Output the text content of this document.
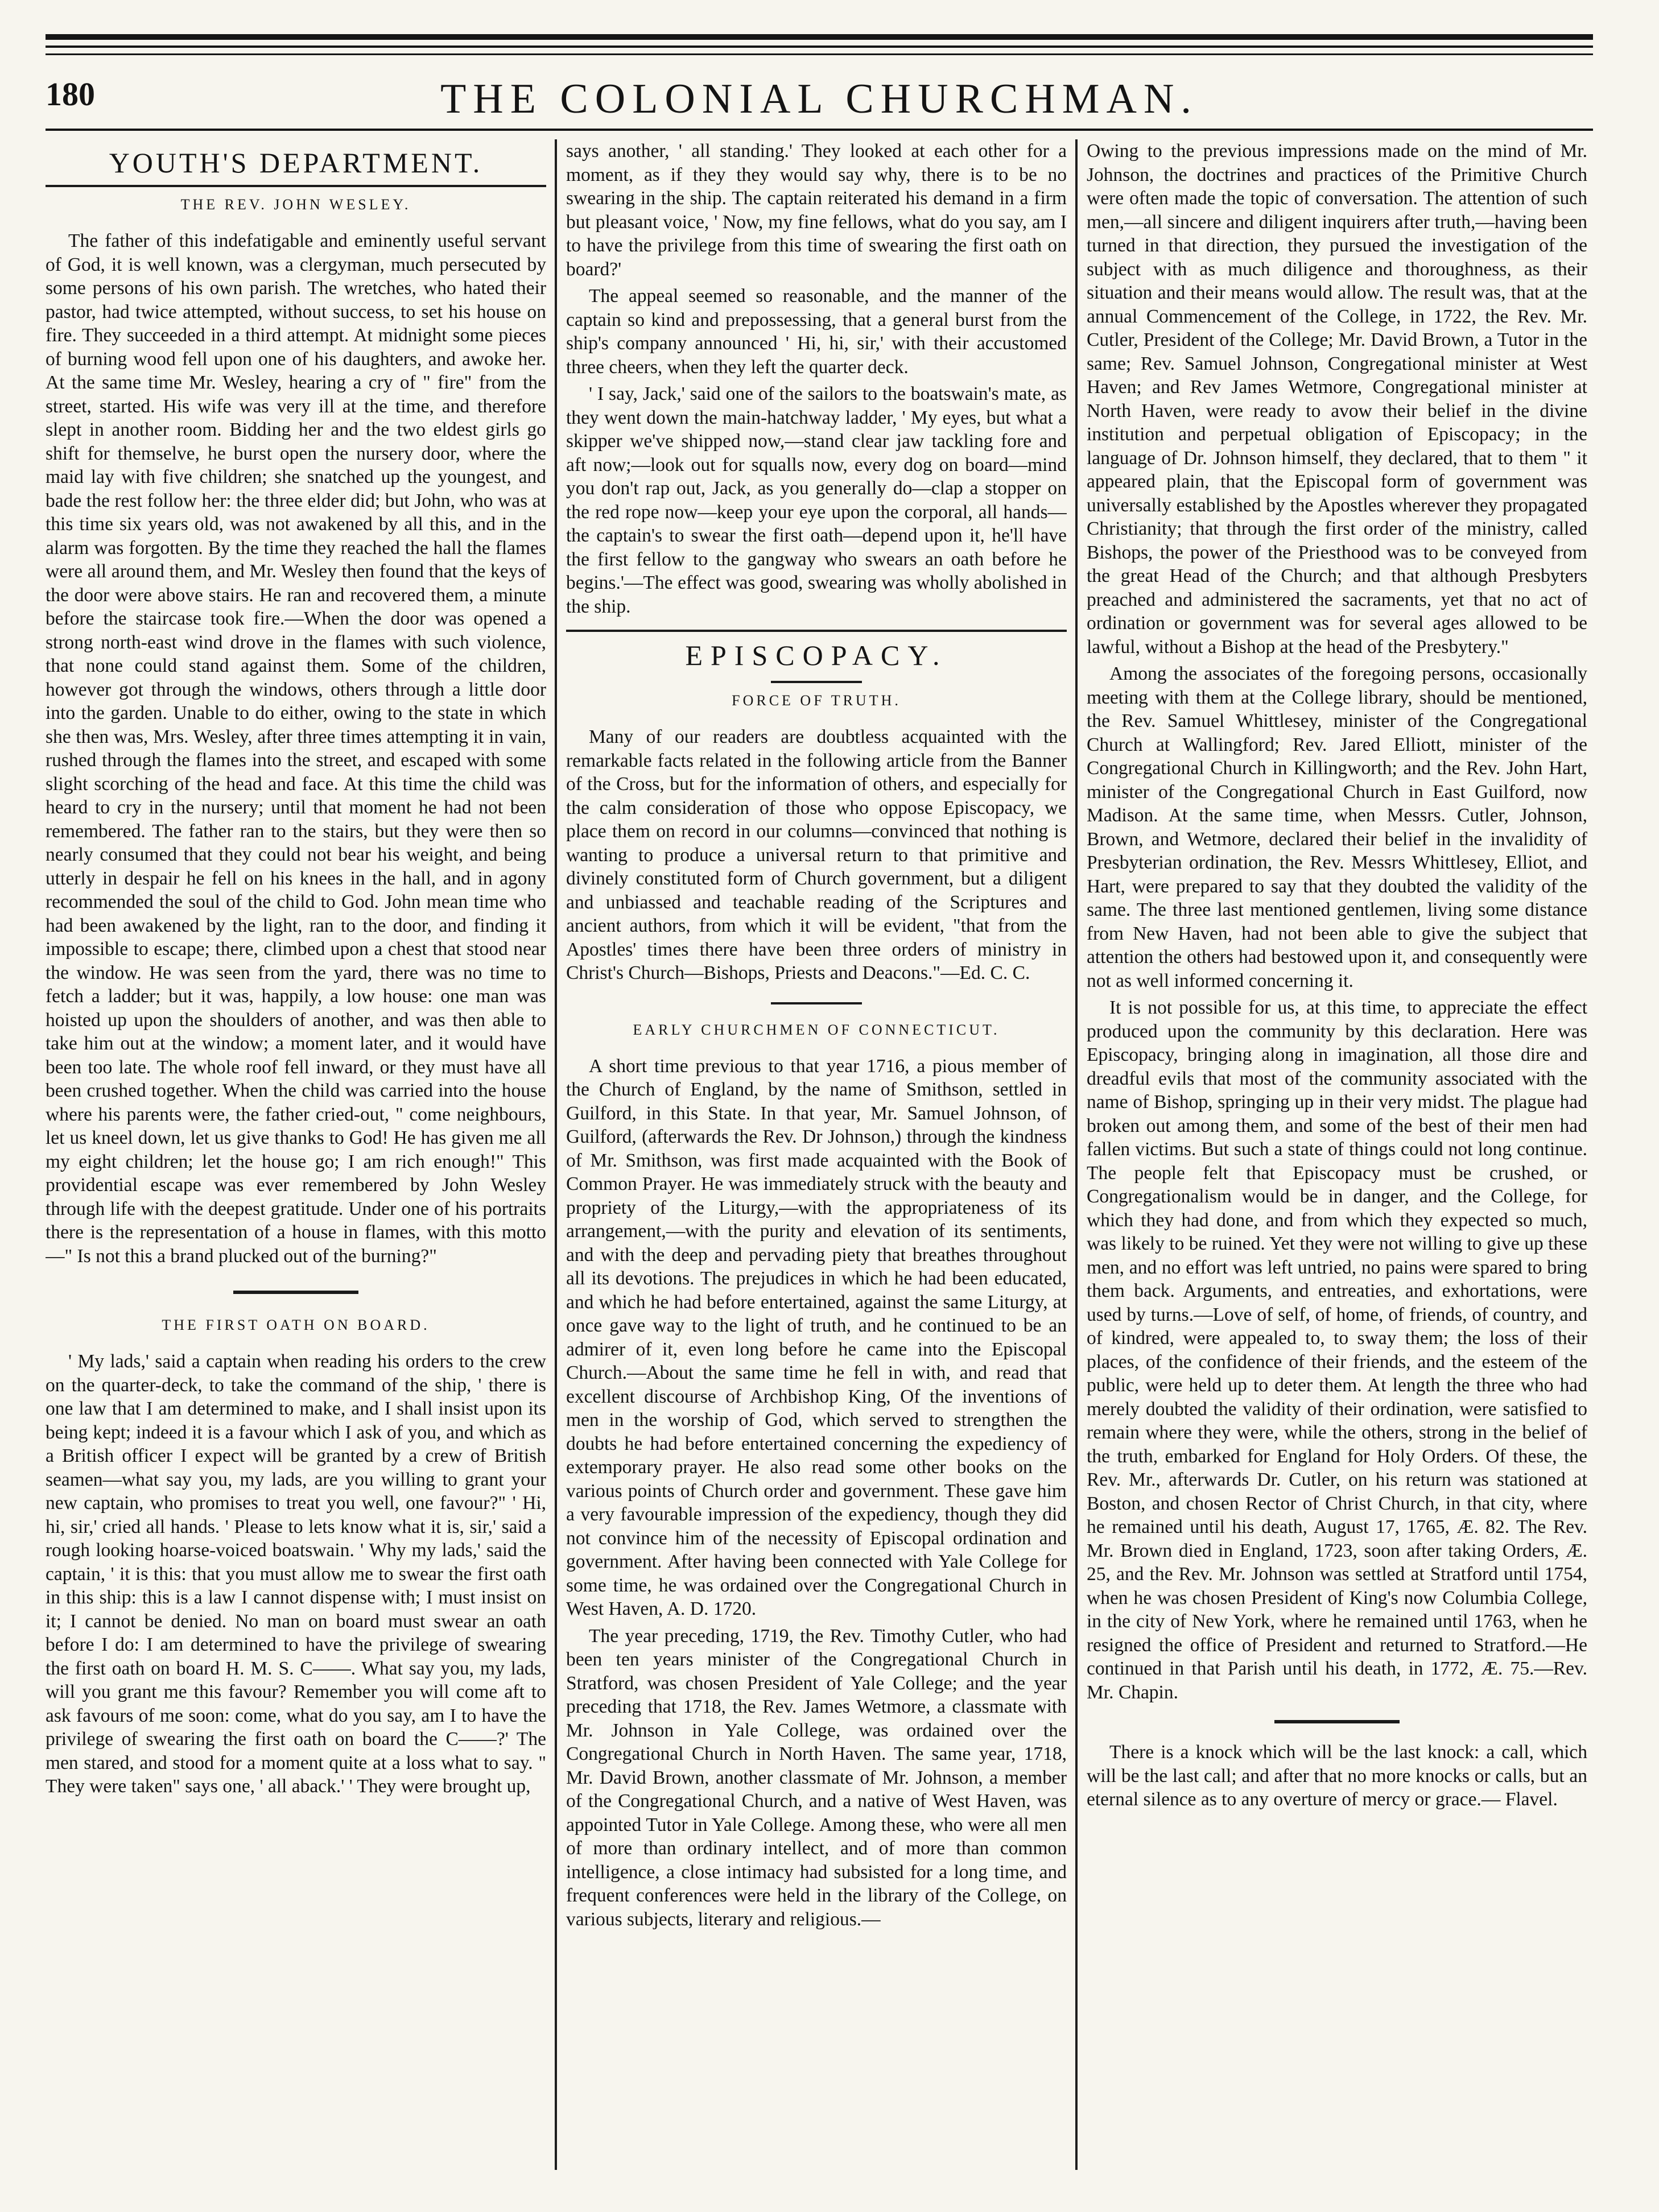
180	THE COLONIAL CHURCHMAN.
YOUTH'S DEPARTMENT.
THE REV. JOHN WESLEY.

The father of this indefatigable and eminently useful servant of God, it is well known, was a clergyman, much persecuted by some persons of his own parish. The wretches, who hated their pastor, had twice attempted, without success, to set his house on fire. They succeeded in a third attempt. At midnight some pieces of burning wood fell upon one of his daughters, and awoke her. At the same time Mr. Wesley, hearing a cry of " fire" from the street, started. His wife was very ill at the time, and therefore slept in another room. Bidding her and the two eldest girls go shift for themselve, he burst open the nursery door, where the maid lay with five children; she snatched up the youngest, and bade the rest follow her: the three elder did; but John, who was at this time six years old, was not awakened by all this, and in the alarm was forgotten. By the time they reached the hall the flames were all around them, and Mr. Wesley then found that the keys of the door were above stairs. He ran and recovered them, a minute before the staircase took fire.—When the door was opened a strong north-east wind drove in the flames with such violence, that none could stand against them. Some of the children, however got through the windows, others through a little door into the garden. Unable to do either, owing to the state in which she then was, Mrs. Wesley, after three times attempting it in vain, rushed through the flames into the street, and escaped with some slight scorching of the head and face. At this time the child was heard to cry in the nursery; until that moment he had not been remembered. The father ran to the stairs, but they were then so nearly consumed that they could not bear his weight, and being utterly in despair he fell on his knees in the hall, and in agony recommended the soul of the child to God. John mean time who had been awakened by the light, ran to the door, and finding it impossible to escape; there, climbed upon a chest that stood near the window. He was seen from the yard, there was no time to fetch a ladder; but it was, happily, a low house: one man was hoisted up upon the shoulders of another, and was then able to take him out at the window; a moment later, and it would have been too late. The whole roof fell inward, or they must have all been crushed together. When the child was carried into the house where his parents were, the father cried-out, " come neighbours, let us kneel down, let us give thanks to God! He has given me all my eight children; let the house go; I am rich enough!" This providential escape was ever remembered by John Wesley through life with the deepest gratitude. Under one of his portraits there is the representation of a house in flames, with this motto—" Is not this a brand plucked out of the burning?"

THE FIRST OATH ON BOARD.

' My lads,' said a captain when reading his orders to the crew on the quarter-deck, to take the command of the ship, ' there is one law that I am determined to make, and I shall insist upon its being kept; indeed it is a favour which I ask of you, and which as a British officer I expect will be granted by a crew of British seamen—what say you, my lads, are you willing to grant your new captain, who promises to treat you well, one favour?" ' Hi, hi, sir,' cried all hands. ' Please to lets know what it is, sir,' said a rough looking hoarse-voiced boatswain. ' Why my lads,' said the captain, ' it is this: that you must allow me to swear the first oath in this ship: this is a law I cannot dispense with; I must insist on it; I cannot be denied. No man on board must swear an oath before I do: I am determined to have the privilege of swearing the first oath on board H. M. S. C——. What say you, my lads, will you grant me this favour? Remember you will come aft to ask favours of me soon: come, what do you say, am I to have the privilege of swearing the first oath on board the C——?' The men stared, and stood for a moment quite at a loss what to say. " They were taken" says one, ' all aback.' ' They were brought up,

says another, ' all standing.' They looked at each other for a moment, as if they they would say why, there is to be no swearing in the ship. The captain reiterated his demand in a firm but pleasant voice, ' Now, my fine fellows, what do you say, am I to have the privilege from this time of swearing the first oath on board?'

The appeal seemed so reasonable, and the manner of the captain so kind and prepossessing, that a general burst from the ship's company announced ' Hi, hi, sir,' with their accustomed three cheers, when they left the quarter deck.

' I say, Jack,' said one of the sailors to the boatswain's mate, as they went down the main-hatchway ladder, ' My eyes, but what a skipper we've shipped now,—stand clear jaw tackling fore and aft now;—look out for squalls now, every dog on board—mind you don't rap out, Jack, as you generally do—clap a stopper on the red rope now—keep your eye upon the corporal, all hands—the captain's to swear the first oath—depend upon it, he'll have the first fellow to the gangway who swears an oath before he begins.'—The effect was good, swearing was wholly abolished in the ship.

EPISCOPACY.
FORCE OF TRUTH.

Many of our readers are doubtless acquainted with the remarkable facts related in the following article from the Banner of the Cross, but for the information of others, and especially for the calm consideration of those who oppose Episcopacy, we place them on record in our columns—convinced that nothing is wanting to produce a universal return to that primitive and divinely constituted form of Church government, but a diligent and unbiassed and teachable reading of the Scriptures and ancient authors, from which it will be evident, "that from the Apostles' times there have been three orders of ministry in Christ's Church—Bishops, Priests and Deacons."—Ed. C. C.

EARLY CHURCHMEN OF CONNECTICUT.

A short time previous to that year 1716, a pious member of the Church of England, by the name of Smithson, settled in Guilford, in this State. In that year, Mr. Samuel Johnson, of Guilford, (afterwards the Rev. Dr Johnson,) through the kindness of Mr. Smithson, was first made acquainted with the Book of Common Prayer. He was immediately struck with the beauty and propriety of the Liturgy,—with the appropriateness of its arrangement,—with the purity and elevation of its sentiments, and with the deep and pervading piety that breathes throughout all its devotions. The prejudices in which he had been educated, and which he had before entertained, against the same Liturgy, at once gave way to the light of truth, and he continued to be an admirer of it, even long before he came into the Episcopal Church.—About the same time he fell in with, and read that excellent discourse of Archbishop King, Of the inventions of men in the worship of God, which served to strengthen the doubts he had before entertained concerning the expediency of extemporary prayer. He also read some other books on the various points of Church order and government. These gave him a very favourable impression of the expediency, though they did not convince him of the necessity of Episcopal ordination and government. After having been connected with Yale College for some time, he was ordained over the Congregational Church in West Haven, A. D. 1720.

The year preceding, 1719, the Rev. Timothy Cutler, who had been ten years minister of the Congregational Church in Stratford, was chosen President of Yale College; and the year preceding that 1718, the Rev. James Wetmore, a classmate with Mr. Johnson in Yale College, was ordained over the Congregational Church in North Haven. The same year, 1718, Mr. David Brown, another classmate of Mr. Johnson, a member of the Congregational Church, and a native of West Haven, was appointed Tutor in Yale College. Among these, who were all men of more than ordinary intellect, and of more than common intelligence, a close intimacy had subsisted for a long time, and frequent conferences were held in the library of the College, on various subjects, literary and religious.—

Owing to the previous impressions made on the mind of Mr. Johnson, the doctrines and practices of the Primitive Church were often made the topic of conversation. The attention of such men,—all sincere and diligent inquirers after truth,—having been turned in that direction, they pursued the investigation of the subject with as much diligence and thoroughness, as their situation and their means would allow. The result was, that at the annual Commencement of the College, in 1722, the Rev. Mr. Cutler, President of the College; Mr. David Brown, a Tutor in the same; Rev. Samuel Johnson, Congregational minister at West Haven; and Rev James Wetmore, Congregational minister at North Haven, were ready to avow their belief in the divine institution and perpetual obligation of Episcopacy; in the language of Dr. Johnson himself, they declared, that to them " it appeared plain, that the Episcopal form of government was universally established by the Apostles wherever they propagated Christianity; that through the first order of the ministry, called Bishops, the power of the Priesthood was to be conveyed from the great Head of the Church; and that although Presbyters preached and administered the sacraments, yet that no act of ordination or government was for several ages allowed to be lawful, without a Bishop at the head of the Presbytery."

Among the associates of the foregoing persons, occasionally meeting with them at the College library, should be mentioned, the Rev. Samuel Whittlesey, minister of the Congregational Church at Wallingford; Rev. Jared Elliott, minister of the Congregational Church in Killingworth; and the Rev. John Hart, minister of the Congregational Church in East Guilford, now Madison. At the same time, when Messrs. Cutler, Johnson, Brown, and Wetmore, declared their belief in the invalidity of Presbyterian ordination, the Rev. Messrs Whittlesey, Elliot, and Hart, were prepared to say that they doubted the validity of the same. The three last mentioned gentlemen, living some distance from New Haven, had not been able to give the subject that attention the others had bestowed upon it, and consequently were not as well informed concerning it.

It is not possible for us, at this time, to appreciate the effect produced upon the community by this declaration. Here was Episcopacy, bringing along in imagination, all those dire and dreadful evils that most of the community associated with the name of Bishop, springing up in their very midst. The plague had broken out among them, and some of the best of their men had fallen victims. But such a state of things could not long continue. The people felt that Episcopacy must be crushed, or Congregationalism would be in danger, and the College, for which they had done, and from which they expected so much, was likely to be ruined. Yet they were not willing to give up these men, and no effort was left untried, no pains were spared to bring them back. Arguments, and entreaties, and exhortations, were used by turns.—Love of self, of home, of friends, of country, and of kindred, were appealed to, to sway them; the loss of their places, of the confidence of their friends, and the esteem of the public, were held up to deter them. At length the three who had merely doubted the validity of their ordination, were satisfied to remain where they were, while the others, strong in the belief of the truth, embarked for England for Holy Orders. Of these, the Rev. Mr., afterwards Dr. Cutler, on his return was stationed at Boston, and chosen Rector of Christ Church, in that city, where he remained until his death, August 17, 1765, Æ. 82. The Rev. Mr. Brown died in England, 1723, soon after taking Orders, Æ. 25, and the Rev. Mr. Johnson was settled at Stratford until 1754, when he was chosen President of King's now Columbia College, in the city of New York, where he remained until 1763, when he resigned the office of President and returned to Stratford.—He continued in that Parish until his death, in 1772, Æ. 75.—Rev. Mr. Chapin.

There is a knock which will be the last knock: a call, which will be the last call; and after that no more knocks or calls, but an eternal silence as to any overture of mercy or grace.— Flavel.
